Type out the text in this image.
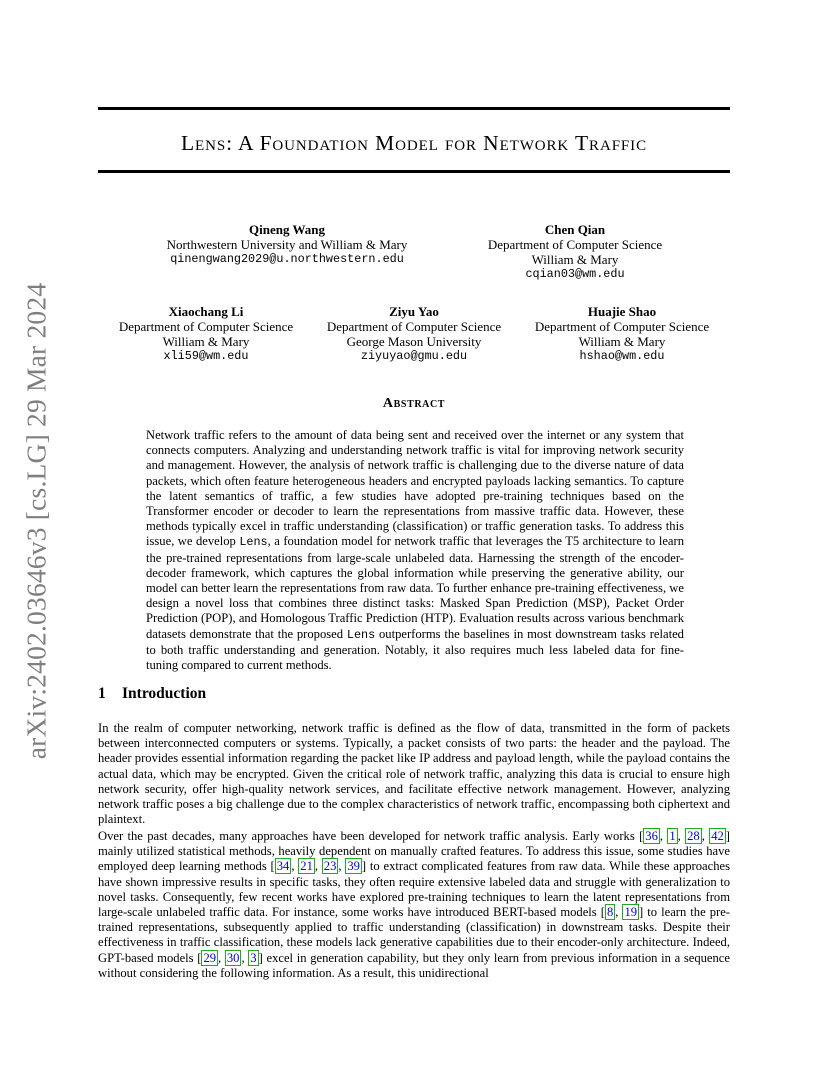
arXiv:2402.03646v3 [cs.LG] 29 Mar 2024
Lens: A Foundation Model for Network Traffic
Qineng Wang
Northwestern University and William & Mary
qinengwang2029@u.northwestern.edu
Chen Qian
Department of Computer Science
William & Mary
cqian03@wm.edu
Xiaochang Li
Department of Computer Science
William & Mary
xli59@wm.edu
Ziyu Yao
Department of Computer Science
George Mason University
ziyuyao@gmu.edu
Huajie Shao
Department of Computer Science
William & Mary
hshao@wm.edu
Abstract
Network traffic refers to the amount of data being sent and received over the internet or any system that connects computers. Analyzing and understanding network traffic is vital for improving network security and management. However, the analysis of network traffic is challenging due to the diverse nature of data packets, which often feature heterogeneous headers and encrypted payloads lacking semantics. To capture the latent semantics of traffic, a few studies have adopted pre-training techniques based on the Transformer encoder or decoder to learn the representations from massive traffic data. However, these methods typically excel in traffic understanding (classification) or traffic generation tasks. To address this issue, we develop Lens, a foundation model for network traffic that leverages the T5 architecture to learn the pre-trained representations from large-scale unlabeled data. Harnessing the strength of the encoder-decoder framework, which captures the global information while preserving the generative ability, our model can better learn the representations from raw data. To further enhance pre-training effectiveness, we design a novel loss that combines three distinct tasks: Masked Span Prediction (MSP), Packet Order Prediction (POP), and Homologous Traffic Prediction (HTP). Evaluation results across various benchmark datasets demonstrate that the proposed Lens outperforms the baselines in most downstream tasks related to both traffic understanding and generation. Notably, it also requires much less labeled data for fine-tuning compared to current methods.
1 Introduction
In the realm of computer networking, network traffic is defined as the flow of data, transmitted in the form of packets between interconnected computers or systems. Typically, a packet consists of two parts: the header and the payload. The header provides essential information regarding the packet like IP address and payload length, while the payload contains the actual data, which may be encrypted. Given the critical role of network traffic, analyzing this data is crucial to ensure high network security, offer high-quality network services, and facilitate effective network management. However, analyzing network traffic poses a big challenge due to the complex characteristics of network traffic, encompassing both ciphertext and plaintext.
Over the past decades, many approaches have been developed for network traffic analysis. Early works [ 36 , 1 , 28 , 42 ] mainly utilized statistical methods, heavily dependent on manually crafted features. To address this issue, some studies have employed deep learning methods [ 34 , 21 , 23 , 39 ] to extract complicated features from raw data. While these approaches have shown impressive results in specific tasks, they often require extensive labeled data and struggle with generalization to novel tasks. Consequently, few recent works have explored pre-training techniques to learn the latent representations from large-scale unlabeled traffic data. For instance, some works have introduced BERT-based models [ 8 , 19 ] to learn the pre-trained representations, subsequently applied to traffic understanding (classification) in downstream tasks. Despite their effectiveness in traffic classification, these models lack generative capabilities due to their encoder-only architecture. Indeed, GPT-based models [ 29 , 30 , 3 ] excel in generation capability, but they only learn from previous information in a sequence without considering the following information. As a result, this unidirectional
